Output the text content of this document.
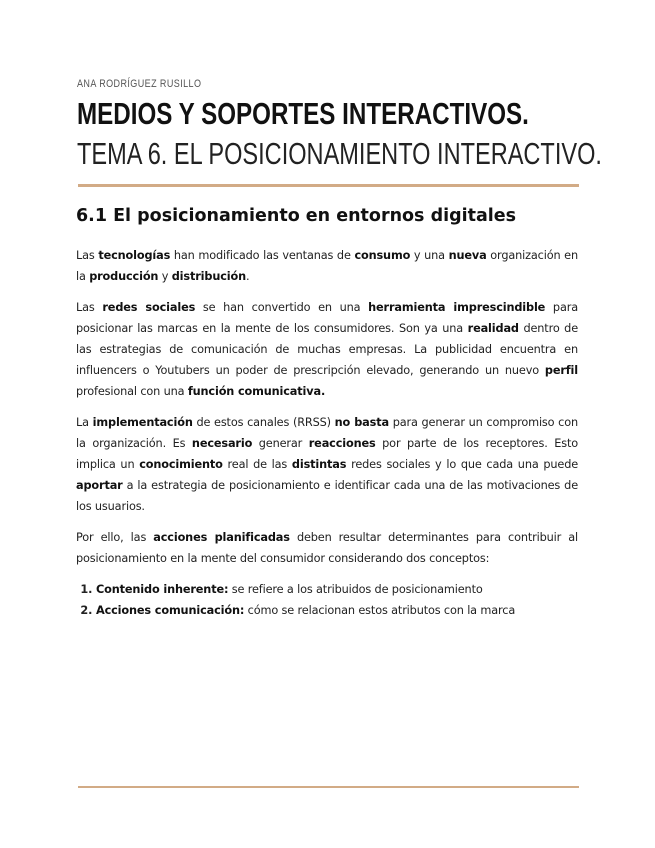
ANA RODRÍGUEZ RUSILLO
MEDIOS Y SOPORTES INTERACTIVOS.
TEMA 6. EL POSICIONAMIENTO INTERACTIVO.
6.1 El posicionamiento en entornos digitales

Las tecnologías han modificado las ventanas de consumo y una nueva organización en la producción y distribución.

Las redes sociales se han convertido en una herramienta imprescindible para posicionar las marcas en la mente de los consumidores. Son ya una realidad dentro de las estrategias de comunicación de muchas empresas. La publicidad encuentra en influencers o Youtubers un poder de prescripción elevado, generando un nuevo perfil profesional con una función comunicativa.

La implementación de estos canales (RRSS) no basta para generar un compromiso con la organización. Es necesario generar reacciones por parte de los receptores. Esto implica un conocimiento real de las distintas redes sociales y lo que cada una puede aportar a la estrategia de posicionamiento e identificar cada una de las motivaciones de los usuarios.

Por ello, las acciones planificadas deben resultar determinantes para contribuir al posicionamiento en la mente del consumidor considerando dos conceptos:

1. Contenido inherente: se refiere a los atribuidos de posicionamiento
2. Acciones comunicación: cómo se relacionan estos atributos con la marca
